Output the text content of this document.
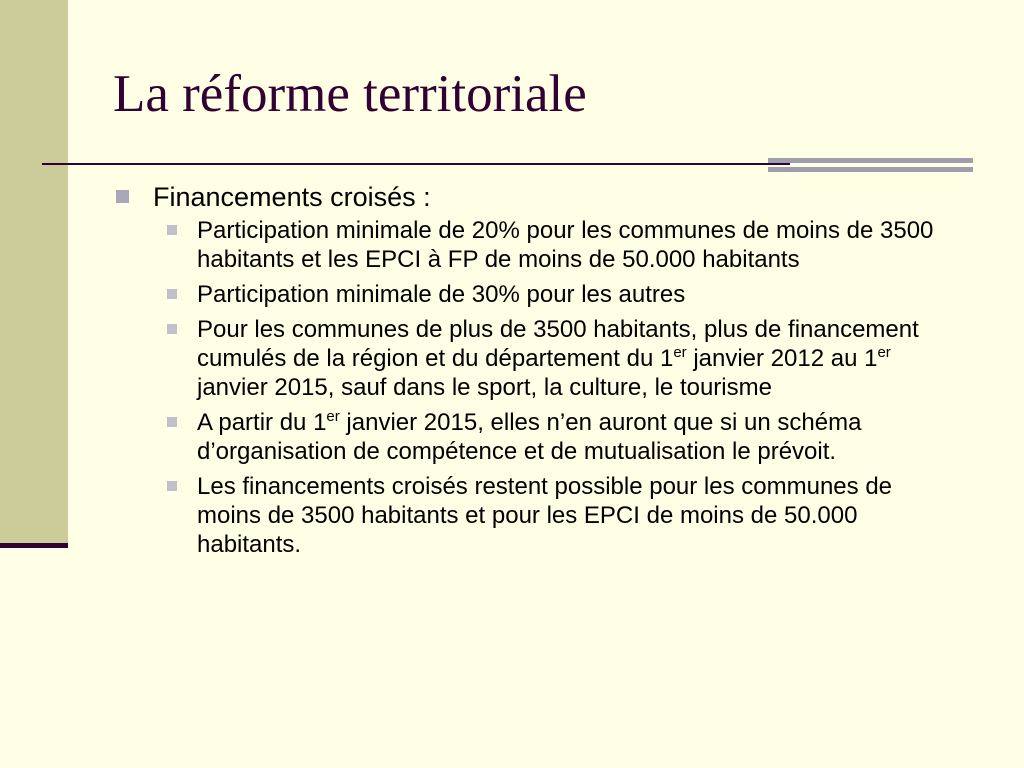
La réforme territoriale
Financements croisés :
Participation minimale de 20% pour les communes de moins de 3500 habitants et les EPCI à FP de moins de 50.000 habitants
Participation minimale de 30% pour les autres
Pour les communes de plus de 3500 habitants, plus de financement cumulés de la région et du département du 1er janvier 2012 au 1er janvier 2015, sauf dans le sport, la culture, le tourisme
A partir du 1er janvier 2015, elles n’en auront que si un schéma d’organisation de compétence et de mutualisation le prévoit.
Les financements croisés restent possible pour les communes de moins de 3500 habitants et pour les EPCI de moins de 50.000 habitants.
